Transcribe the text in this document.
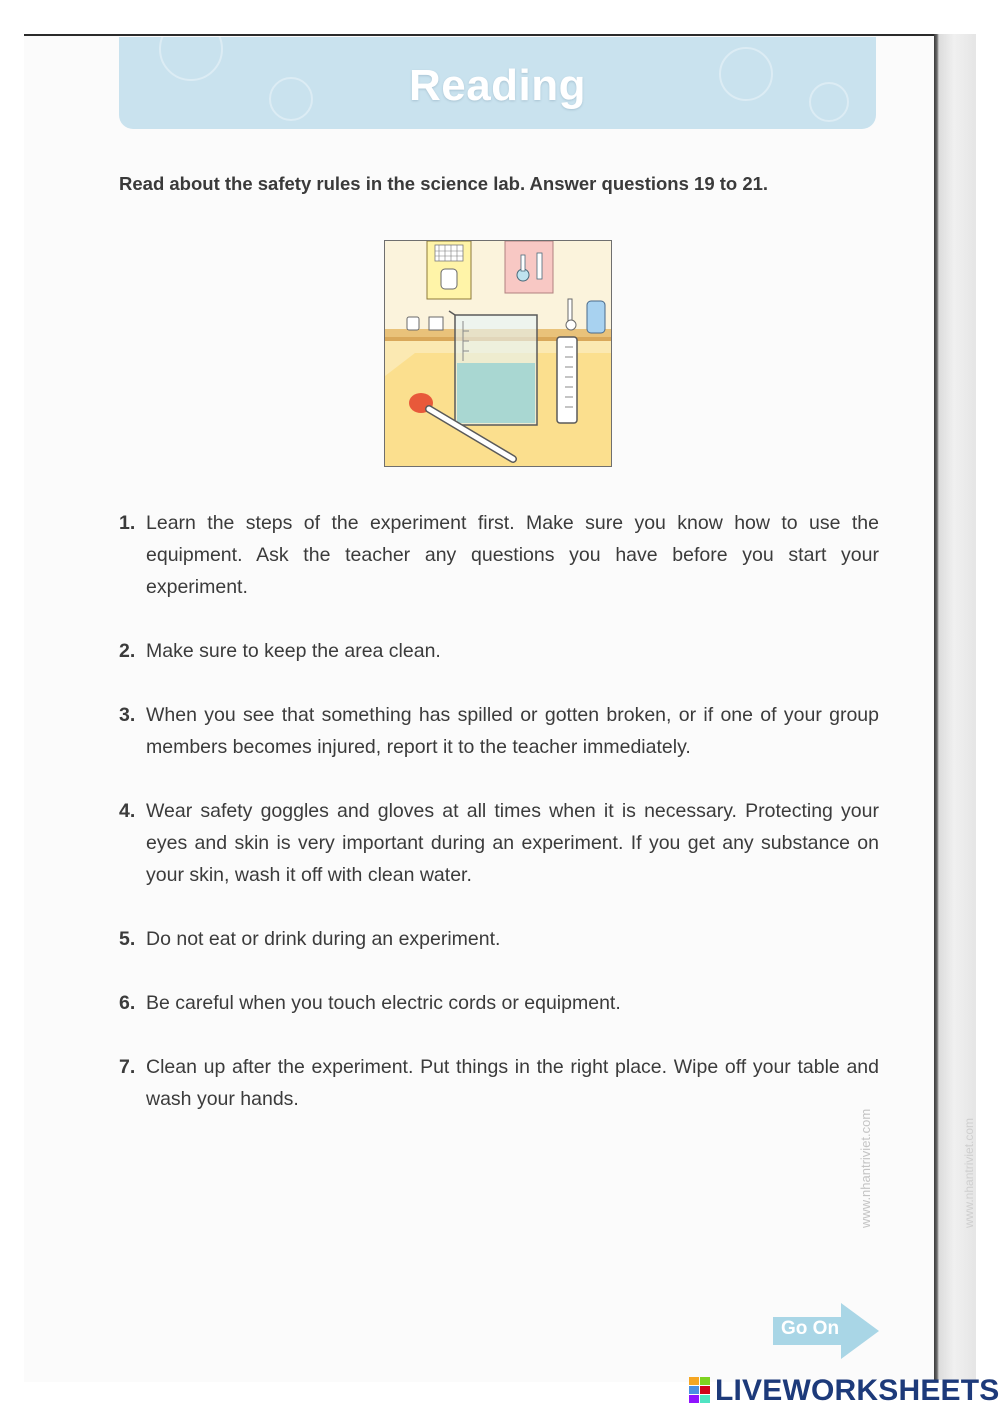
Reading
Read about the safety rules in the science lab. Answer questions 19 to 21.
1. Learn the steps of the experiment first. Make sure you know how to use the equipment. Ask the teacher any questions you have before you start your experiment.
2. Make sure to keep the area clean.
3. When you see that something has spilled or gotten broken, or if one of your group members becomes injured, report it to the teacher immediately.
4. Wear safety goggles and gloves at all times when it is necessary. Protecting your eyes and skin is very important during an experiment. If you get any substance on your skin, wash it off with clean water.
5. Do not eat or drink during an experiment.
6. Be careful when you touch electric cords or equipment.
7. Clean up after the experiment. Put things in the right place. Wipe off your table and wash your hands.
www.nhantriviet.com	www.nhantriviet.com
Go On
LIVEWORKSHEETS
